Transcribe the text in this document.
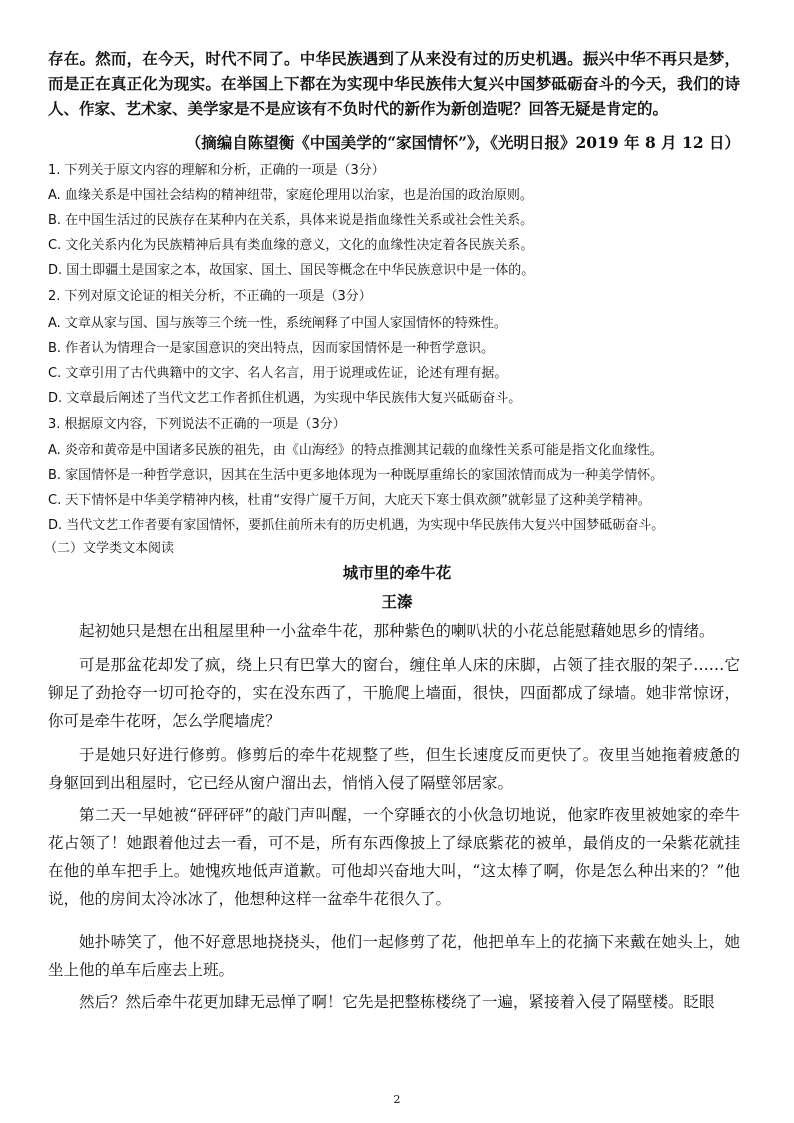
存在。然而，在今天，时代不同了。中华民族遇到了从来没有过的历史机遇。振兴中华不再只是梦，而是正在真正化为现实。在举国上下都在为实现中华民族伟大复兴中国梦砥砺奋斗的今天，我们的诗人、作家、艺术家、美学家是不是应该有不负时代的新作为新创造呢？回答无疑是肯定的。

（摘编自陈望衡《中国美学的“家国情怀”》，《光明日报》2019 年 8 月 12 日）

1. 下列关于原文内容的理解和分析，正确的一项是（3分）

A. 血缘关系是中国社会结构的精神纽带，家庭伦理用以治家，也是治国的政治原则。

B. 在中国生活过的民族存在某种内在关系，具体来说是指血缘性关系或社会性关系。

C. 文化关系内化为民族精神后具有类血缘的意义，文化的血缘性决定着各民族关系。

D. 国土即疆土是国家之本，故国家、国土、国民等概念在中华民族意识中是一体的。

2. 下列对原文论证的相关分析，不正确的一项是（3分）

A. 文章从家与国、国与族等三个统一性，系统阐释了中国人家国情怀的特殊性。

B. 作者认为情理合一是家国意识的突出特点，因而家国情怀是一种哲学意识。

C. 文章引用了古代典籍中的文字、名人名言，用于说理或佐证，论述有理有据。

D. 文章最后阐述了当代文艺工作者抓住机遇，为实现中华民族伟大复兴砥砺奋斗。

3. 根据原文内容，下列说法不正确的一项是（3分）

A. 炎帝和黄帝是中国诸多民族的祖先，由《山海经》的特点推测其记载的血缘性关系可能是指文化血缘性。

B. 家国情怀是一种哲学意识，因其在生活中更多地体现为一种既厚重绵长的家国浓情而成为一种美学情怀。

C. 天下情怀是中华美学精神内核，杜甫“安得广厦千万间，大庇天下寒士俱欢颜”就彰显了这种美学精神。

D. 当代文艺工作者要有家国情怀，要抓住前所未有的历史机遇，为实现中华民族伟大复兴中国梦砥砺奋斗。

（二）文学类文本阅读

城市里的牵牛花

王溱

起初她只是想在出租屋里种一小盆牵牛花，那种紫色的喇叭状的小花总能慰藉她思乡的情绪。

可是那盆花却发了疯，绕上只有巴掌大的窗台，缠住单人床的床脚，占领了挂衣服的架子……它铆足了劲抢夺一切可抢夺的，实在没东西了，干脆爬上墙面，很快，四面都成了绿墙。她非常惊讶，你可是牵牛花呀，怎么学爬墙虎？

于是她只好进行修剪。修剪后的牵牛花规整了些，但生长速度反而更快了。夜里当她拖着疲惫的身躯回到出租屋时，它已经从窗户溜出去，悄悄入侵了隔壁邻居家。

第二天一早她被“砰砰砰”的敲门声叫醒，一个穿睡衣的小伙急切地说，他家昨夜里被她家的牵牛花占领了！她跟着他过去一看，可不是，所有东西像披上了绿底紫花的被单，最俏皮的一朵紫花就挂在他的单车把手上。她愧疚地低声道歉。可他却兴奋地大叫，“这太棒了啊，你是怎么种出来的？”他说，他的房间太冷冰冰了，他想种这样一盆牵牛花很久了。

她扑哧笑了，他不好意思地挠挠头，他们一起修剪了花，他把单车上的花摘下来戴在她头上，她坐上他的单车后座去上班。

然后？然后牵牛花更加肆无忌惮了啊！它先是把整栋楼绕了一遍，紧接着入侵了隔壁楼。眨眼

2
